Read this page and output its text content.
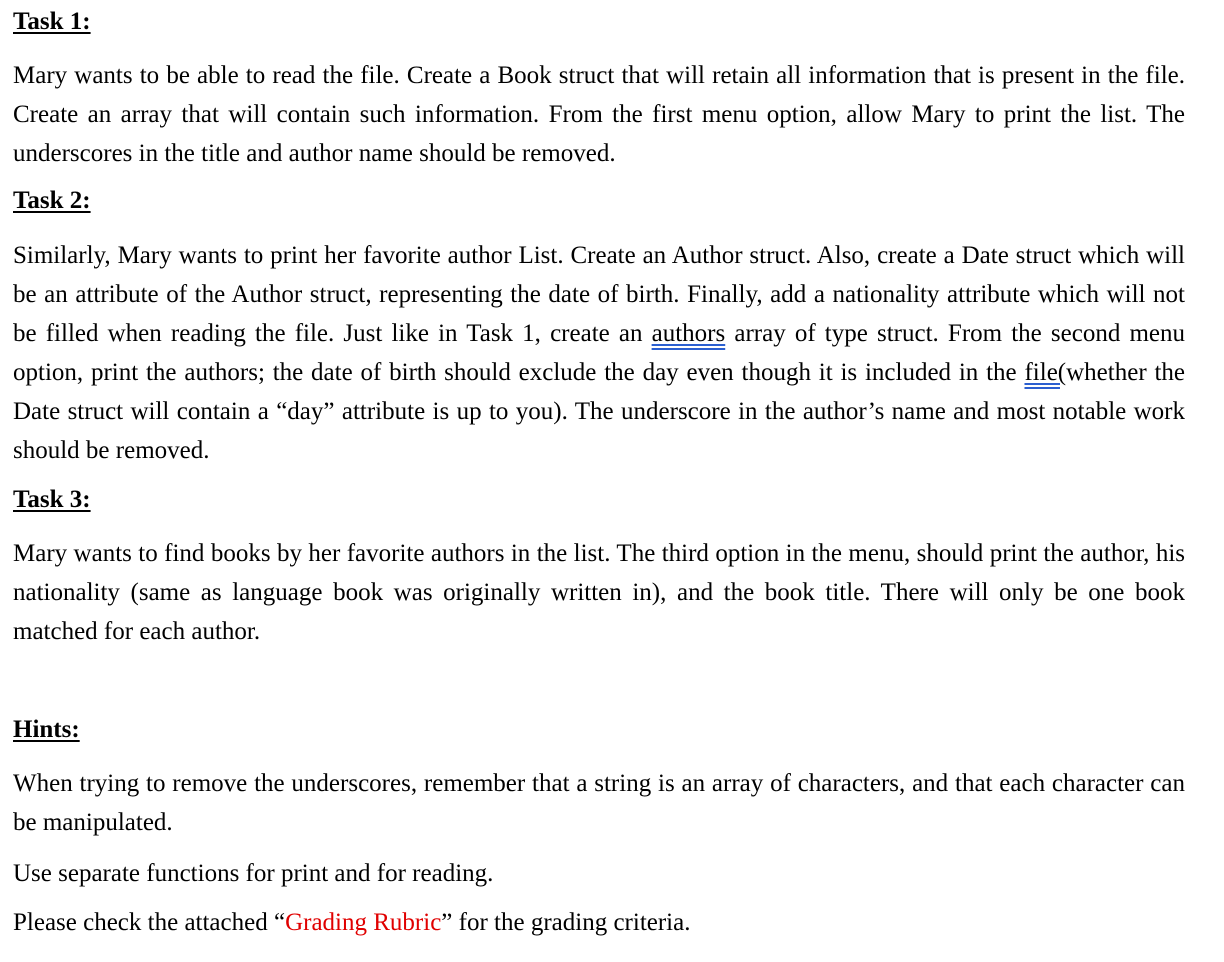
Task 1:
Mary wants to be able to read the file. Create a Book struct that will retain all information that is present in the file. Create an array that will contain such information. From the first menu option, allow Mary to print the list. The underscores in the title and author name should be removed.
Task 2:
Similarly, Mary wants to print her favorite author List. Create an Author struct. Also, create a Date struct which will be an attribute of the Author struct, representing the date of birth. Finally, add a nationality attribute which will not be filled when reading the file. Just like in Task 1, create an authors array of type struct. From the second menu option, print the authors; the date of birth should exclude the day even though it is included in the file(whether the Date struct will contain a “day” attribute is up to you). The underscore in the author’s name and most notable work should be removed.
Task 3:
Mary wants to find books by her favorite authors in the list. The third option in the menu, should print the author, his nationality (same as language book was originally written in), and the book title. There will only be one book matched for each author.
Hints:
When trying to remove the underscores, remember that a string is an array of characters, and that each character can be manipulated.
Use separate functions for print and for reading.
Please check the attached “Grading Rubric” for the grading criteria.
